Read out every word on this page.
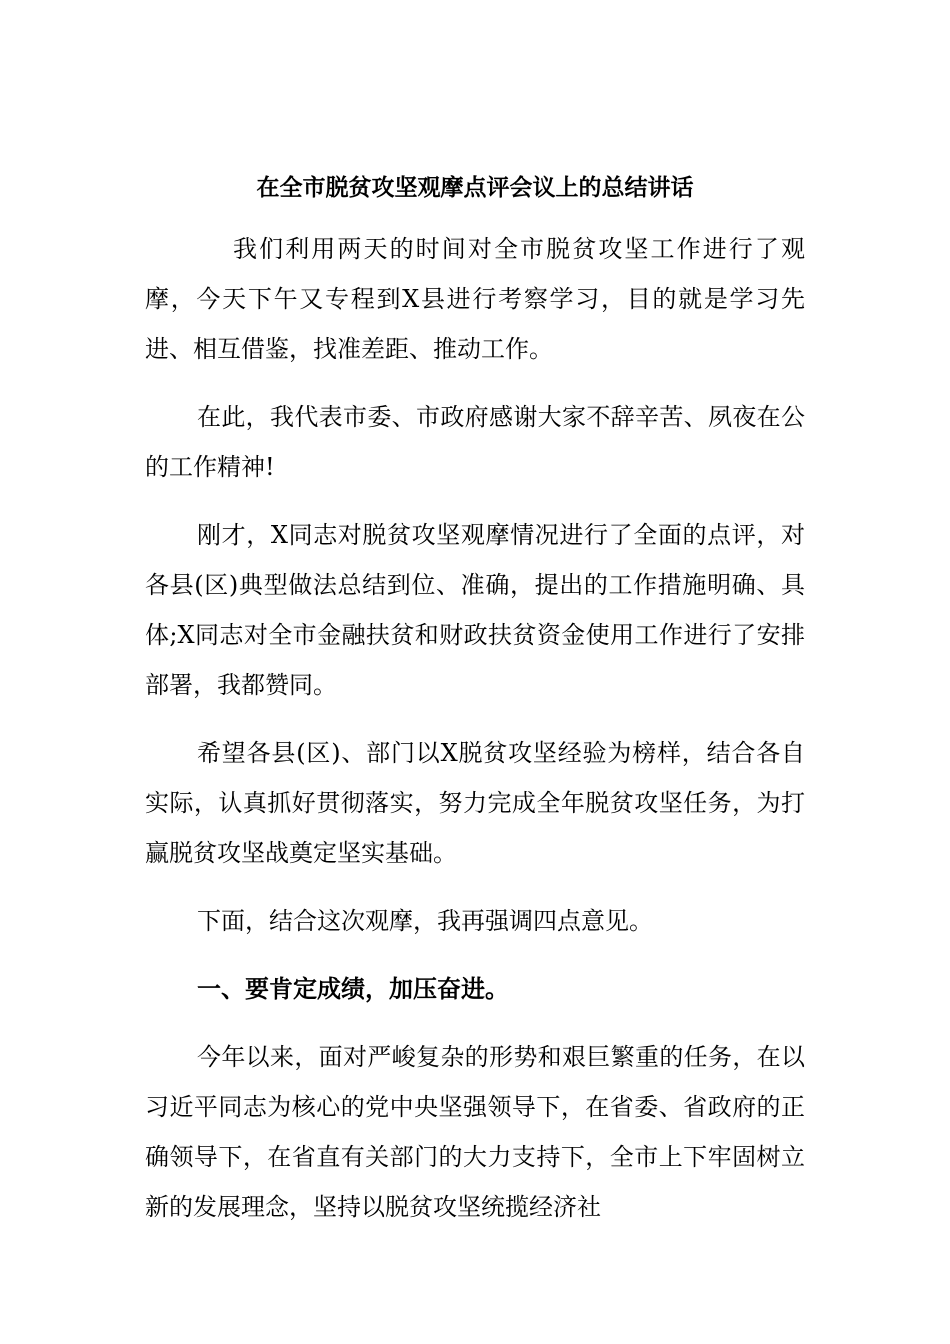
在全市脱贫攻坚观摩点评会议上的总结讲话

我们利用两天的时间对全市脱贫攻坚工作进行了观摩，今天下午又专程到X县进行考察学习，目的就是学习先进、相互借鉴，找准差距、推动工作。

在此，我代表市委、市政府感谢大家不辞辛苦、夙夜在公的工作精神!

刚才，X同志对脱贫攻坚观摩情况进行了全面的点评，对各县(区)典型做法总结到位、准确，提出的工作措施明确、具体;X同志对全市金融扶贫和财政扶贫资金使用工作进行了安排部署，我都赞同。

希望各县(区)、部门以X脱贫攻坚经验为榜样，结合各自实际，认真抓好贯彻落实，努力完成全年脱贫攻坚任务，为打赢脱贫攻坚战奠定坚实基础。

下面，结合这次观摩，我再强调四点意见。

一、要肯定成绩，加压奋进。

今年以来，面对严峻复杂的形势和艰巨繁重的任务，在以习近平同志为核心的党中央坚强领导下，在省委、省政府的正确领导下，在省直有关部门的大力支持下，全市上下牢固树立新的发展理念，坚持以脱贫攻坚统揽经济社
